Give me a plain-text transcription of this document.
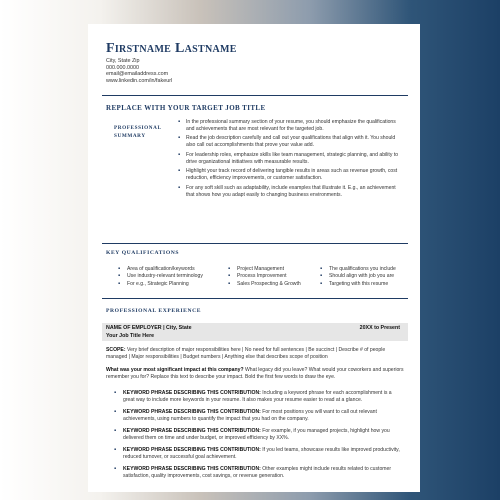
Firstname Lastname
City, State Zip
000.000.0000
email@emailaddress.com
www.linkedin.com/in/fakeurl
REPLACE WITH YOUR TARGET JOB TITLE
PROFESSIONAL SUMMARY
▪ In the professional summary section of your resume, you should emphasize the qualifications and achievements that are most relevant for the targeted job.
▪ Read the job description carefully and call out your qualifications that align with it. You should also call out accomplishments that prove your value add.
▪ For leadership roles, emphasize skills like team management, strategic planning, and ability to drive organizational initiatives with measurable results.
▪ Highlight your track record of delivering tangible results in areas such as revenue growth, cost reduction, efficiency improvements, or customer satisfaction.
▪ For any soft skill such as adaptability, include examples that illustrate it. E.g., an achievement that shows how you adapt easily to changing business environments.
KEY QUALIFICATIONS
▪ Area of qualification/keywords
▪ Use industry-relevant terminology
▪ For e.g., Strategic Planning
▪ Project Management
▪ Process Improvement
▪ Sales Prospecting & Growth
▪ The qualifications you include
▪ Should align with job you are
▪ Targeting with this resume
PROFESSIONAL EXPERIENCE
NAME OF EMPLOYER | City, State	20XX to Present
Your Job Title Here
SCOPE: Very brief description of major responsibilities here | No need for full sentences | Be succinct | Describe # of people managed | Major responsibilities | Budget numbers | Anything else that describes scope of position
What was your most significant impact at this company? What legacy did you leave? What would your coworkers and superiors remember you for? Replace this text to describe your impact. Bold the first few words to draw the eye.
▪ KEYWORD PHRASE DESCRIBING THIS CONTRIBUTION: Including a keyword phrase for each accomplishment is a great way to include more keywords in your resume. It also makes your resume easier to read at a glance.
▪ KEYWORD PHRASE DESCRIBING THIS CONTRIBUTION: For most positions you will want to call out relevant achievements, using numbers to quantify the impact that you had on the company.
▪ KEYWORD PHRASE DESCRIBING THIS CONTRIBUTION: For example, if you managed projects, highlight how you delivered them on time and under budget, or improved efficiency by XX%.
▪ KEYWORD PHRASE DESCRIBING THIS CONTRIBUTION: If you led teams, showcase results like improved productivity, reduced turnover, or successful goal achievement.
▪ KEYWORD PHRASE DESCRIBING THIS CONTRIBUTION: Other examples might include results related to customer satisfaction, quality improvements, cost savings, or revenue generation.
